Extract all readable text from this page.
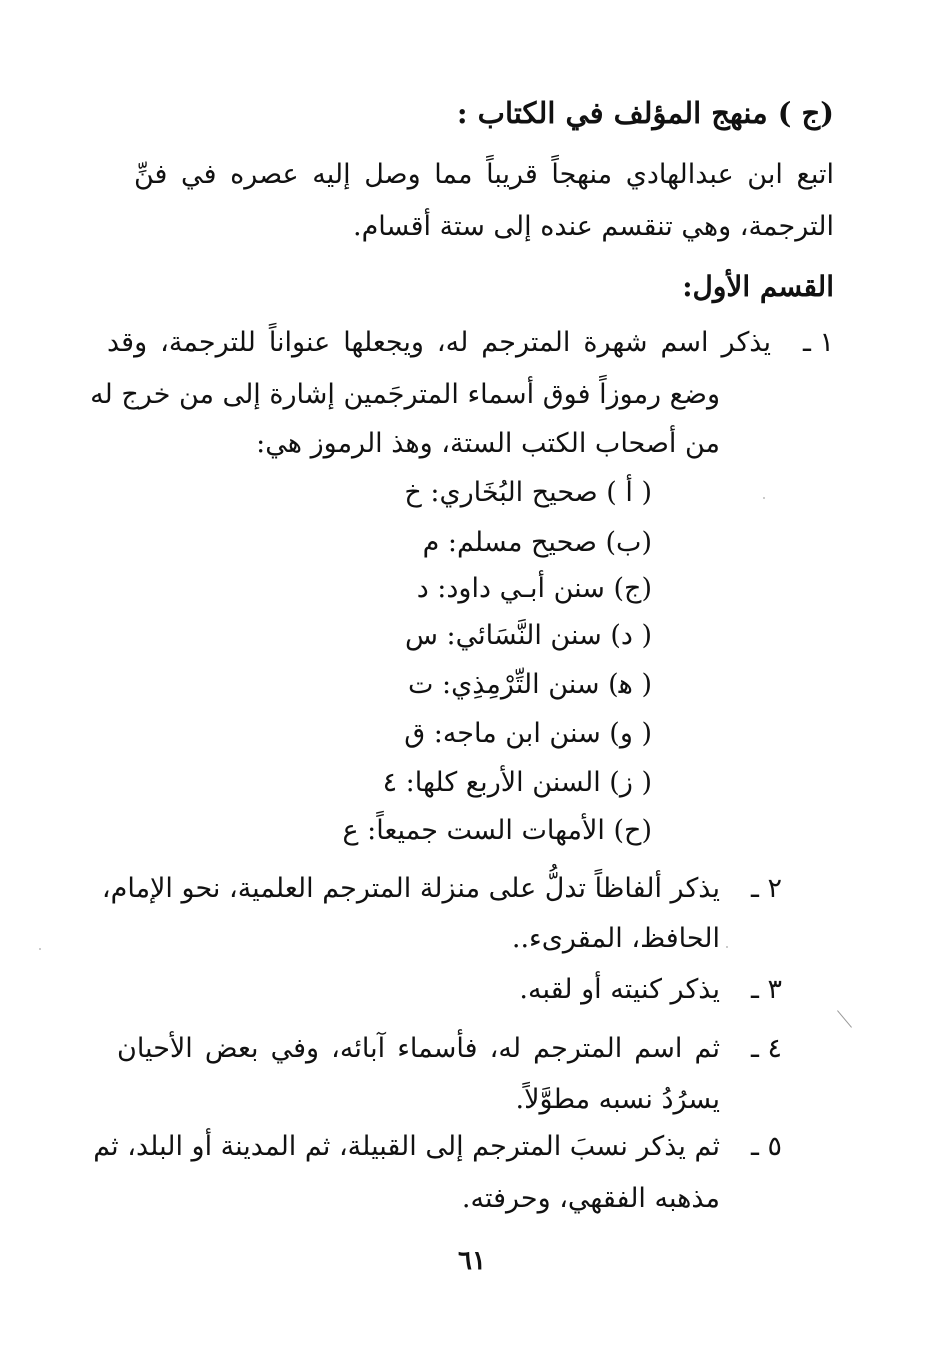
(ج ) منهج المؤلف في الكتاب :
اتبع ابن عبدالهادي منهجاً قريباً مما وصل إليه عصره في فنِّ
الترجمة، وهي تنقسم عنده إلى ستة أقسام.
القسم الأول:
١ ـ
يذكر اسم شهرة المترجم له، ويجعلها عنواناً للترجمة، وقد
وضع رموزاً فوق أسماء المترجَمين إشارة إلى من خرج له
من أصحاب الكتب الستة، وهذ الرموز هي:
( أ ) صحيح البُخَاري: خ
(ب) صحيح مسلم: م
(ج) سنن أبـي داود: د
( د) سنن النَّسَائي: س
( ﻫ) سنن التِّرْمِذِي: ت
( و) سنن ابن ماجه: ق
( ز) السنن الأربع كلها: ٤
(ح) الأمهات الست جميعاً: ع
٢ ـ
يذكر ألفاظاً تدلُّ على منزلة المترجم العلمية، نحو الإمام،
الحافظ، المقرىء..
٣ ـ
يذكر كنيته أو لقبه.
٤ ـ
ثم اسم المترجم له، فأسماء آبائه، وفي بعض الأحيان
يسرُدُ نسبه مطوَّلاً.
٥ ـ
ثم يذكر نسبَ المترجم إلى القبيلة، ثم المدينة أو البلد، ثم
مذهبه الفقهي، وحرفته.
٦١
